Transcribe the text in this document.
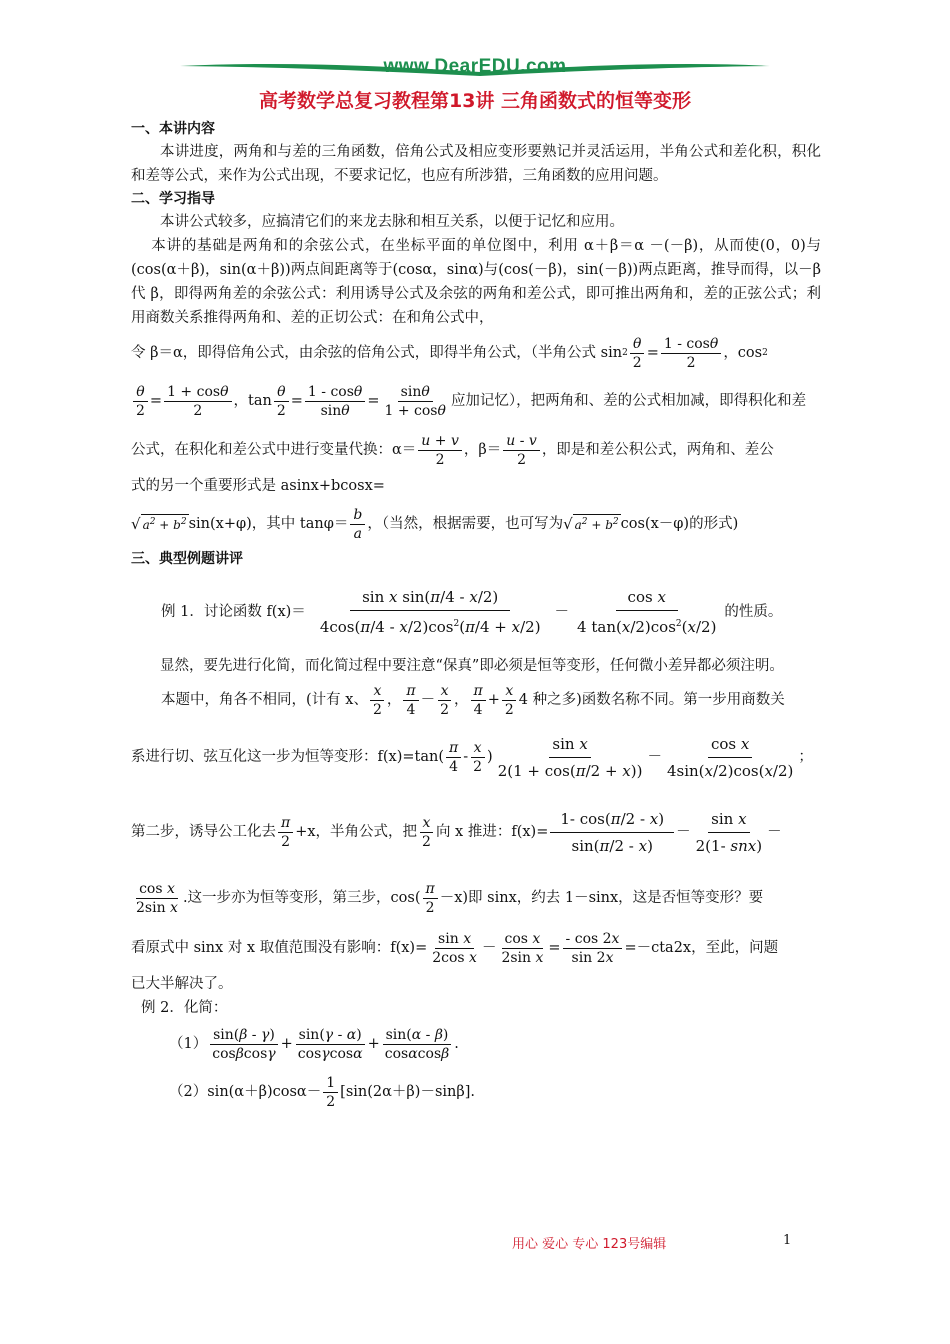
www.DearEDU.com
高考数学总复习教程第13讲 三角函数式的恒等变形

一、本讲内容

本讲进度，两角和与差的三角函数，倍角公式及相应变形要熟记并灵活运用，半角公式和差化积，积化和差等公式，来作为公式出现，不要求记忆，也应有所涉猎，三角函数的应用问题。

二、学习指导

本讲公式较多，应搞清它们的来龙去脉和相互关系，以便于记忆和应用。

本讲的基础是两角和的余弦公式，在坐标平面的单位图中，利用 α＋β＝α －(－β)，从而使(0，0)与(cos(α＋β)，sin(α＋β))两点间距离等于(cosα，sinα)与(cos(－β)，sin(－β))两点距离，推导而得，以－β 代 β，即得两角差的余弦公式：利用诱导公式及余弦的两角和差公式，即可推出两角和，差的正弦公式；利用商数关系推得两角和、差的正切公式：在和角公式中，

令 β＝α，即得倍角公式，由余弦的倍角公式，即得半角公式，（半角公式 $\sin 2 \frac{\theta}{2} = \frac{1 - \cos\theta}{2}$ ，cos 2

$\frac{\theta}{2} = \frac{1 + \cos\theta}{2}$ ，$\tan \frac{\theta}{2} = \frac{1 - \cos\theta}{\sin\theta} = \frac{\sin\theta}{1 + \cos\theta}$ 应加记忆），把两角和、差的公式相加减，即得积化和差

公式，在积化和差公式中进行变量代换：$\alpha= \frac{u + v}{2}$ ，$\beta= \frac{u - v}{2}$ ，即是和差公积公式，两角和、差公

式的另一个重要形式是 asinx+bcosx=

√ $a^2 + b^2$ sin(x+φ)，其中 $\tan\varphi= \frac{b}{a}$ ，（当然，根据需要，也可写为 √ $a^2 + b^2$ cos(x－φ)的形式)

三、典型例题讲评

例 1．讨论函数 $f(x)= \frac{\text{sin x sin(π/4 - x/2)}}{4\cos(\pi/4 - x/2)\cos^2(\pi/4 + x/2)} - \frac{\text{cos x}}{4 \tan(x/2)\cos^2(x/2)}$ 的性质。

显然，要先进行化简，而化简过程中要注意“保真”即必须是恒等变形，任何微小差异都必须注明。

本题中，角各不相同，(计有 x、 $\frac{x}{2}$ ， $\frac{\pi}{4} - \frac{x}{2}$ ， $\frac{\pi}{4} + \frac{x}{2} 4$ 种之多)函数名称不同。第一步用商数关

系进行切、弦互化这一步为恒等变形：f(x)=tan ( $\frac{\pi}{4} - \frac{x}{2}$ ) $\frac{\text{sin x}}{2(1 + \cos(\pi/2 + x))} - \frac{\text{cos x}}{4\sin(x/2)\cos(x/2)}$ ；

第二步，诱导公工化去 $\frac{\pi}{2} +x$，半角公式，把 $\frac{x}{2}$ 向 x 推进：$f(x)= \frac{1- \cos(\pi/2 - x)}{\sin(\pi/2 - x)} - \frac{\text{sin x}}{\text{2(1- snx)}}$ －

$\frac{\text{cos x}}{\text{2sin x}}$ .这一步亦为恒等变形，第三步，$\cos( \frac{\pi}{2} -x)$即 sinx，约去 1－sinx，这是否恒等变形？要

看原式中 sinx 对 x 取值范围没有影响：$f(x)= \frac{\text{sin x}}{\text{2cos x}} - \frac{\text{cos x}}{\text{2sin x}} = \frac{- \cos 2x}{\sin 2x} =-cta2x$，至此，问题

已大半解决了。

例 2．化简：

$(1) \frac{\sin(\beta - \gamma)}{\cos\beta\cos\gamma} + \frac{\sin(\gamma - \alpha)}{\cos\gamma\cos\alpha} + \frac{\sin(\alpha - \beta)}{\cos\alpha\cos\beta}$ .

（2） $\sin(\alpha+\beta)\cos\alpha- \frac{1}{2} [\sin(2\alpha+\beta)-\sin\beta]$.

用心 爱心 专心 123号编辑	1
